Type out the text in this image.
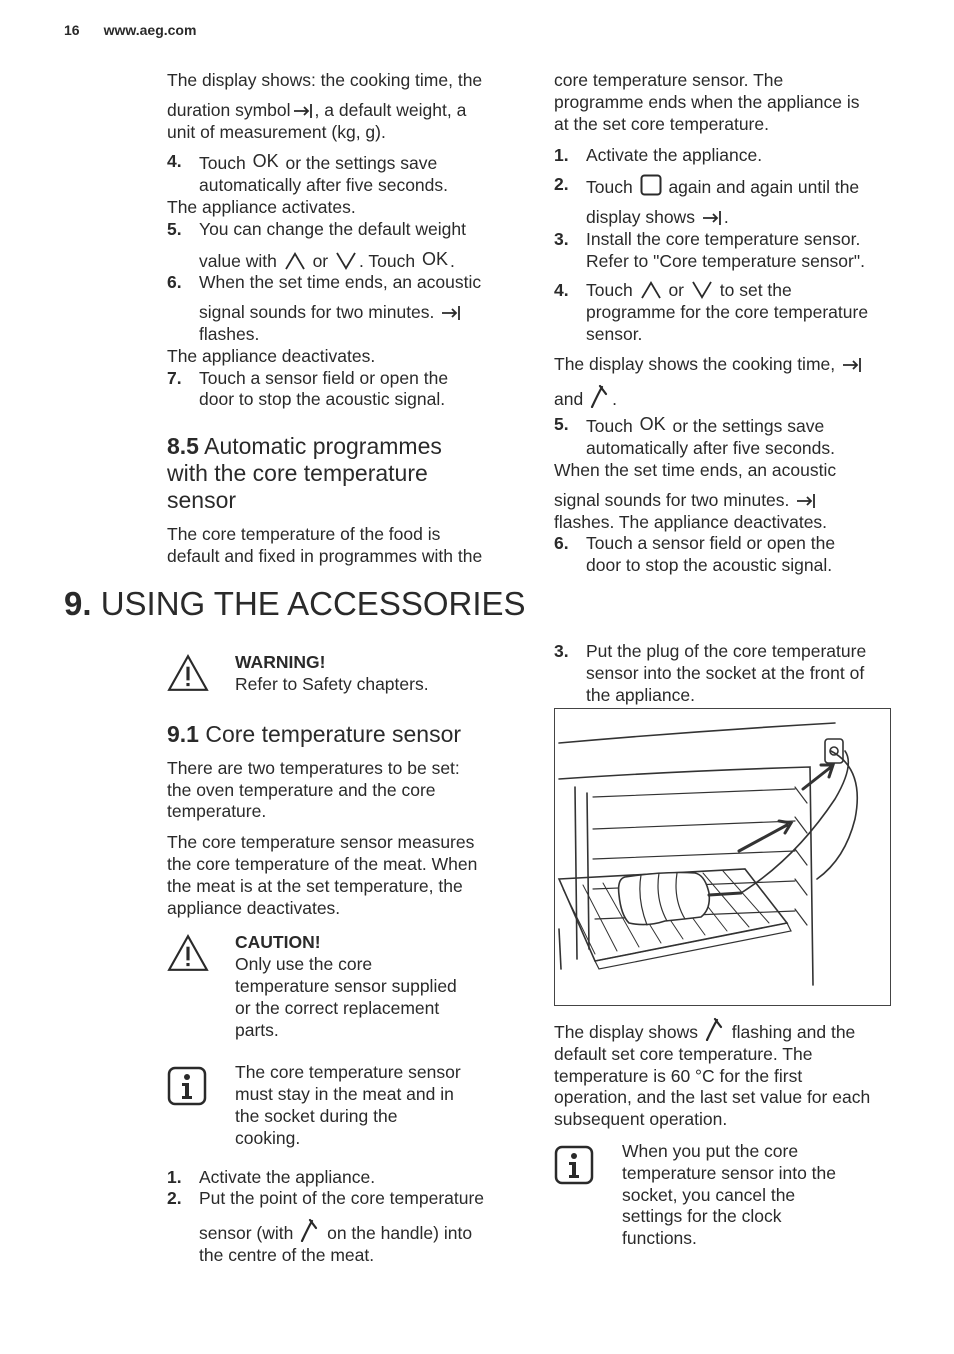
16 www.aeg.com

The display shows: the cooking time, the

duration symbol , a default weight, a

unit of measurement (kg, g).

4. Touch OK or the settings save
automatically after five seconds.

The appliance activates.

5. You can change the default weight
value with or . Touch OK .
6. When the set time ends, an acoustic
signal sounds for two minutes.
flashes.

The appliance deactivates.

7. Touch a sensor field or open the
door to stop the acoustic signal.
8.5 Automatic programmes
with the core temperature
sensor

The core temperature of the food is

default and fixed in programmes with the

core temperature sensor. The

programme ends when the appliance is

at the set core temperature.

1. Activate the appliance.
2. Touch again and again until the
display shows .
3. Install the core temperature sensor.
Refer to "Core temperature sensor".
4. Touch or to set the
programme for the core temperature
sensor.

The display shows the cooking time,

and .

5. Touch OK or the settings save
automatically after five seconds.

When the set time ends, an acoustic

signal sounds for two minutes.

flashes. The appliance deactivates.

6. Touch a sensor field or open the
door to stop the acoustic signal.
9. USING THE ACCESSORIES
WARNING!
Refer to Safety chapters.
9.1 Core temperature sensor

There are two temperatures to be set:

the oven temperature and the core

temperature.

The core temperature sensor measures

the core temperature of the meat. When

the meat is at the set temperature, the

appliance deactivates.

CAUTION!
Only use the core
temperature sensor supplied
or the correct replacement
parts.
The core temperature sensor
must stay in the meat and in
the socket during the
cooking.
1. Activate the appliance.
2. Put the point of the core temperature
sensor (with on the handle) into
the centre of the meat.
3. Put the plug of the core temperature
sensor into the socket at the front of
the appliance.

The display shows flashing and the

default set core temperature. The

temperature is 60 °C for the first

operation, and the last set value for each

subsequent operation.

When you put the core
temperature sensor into the
socket, you cancel the
settings for the clock
functions.
